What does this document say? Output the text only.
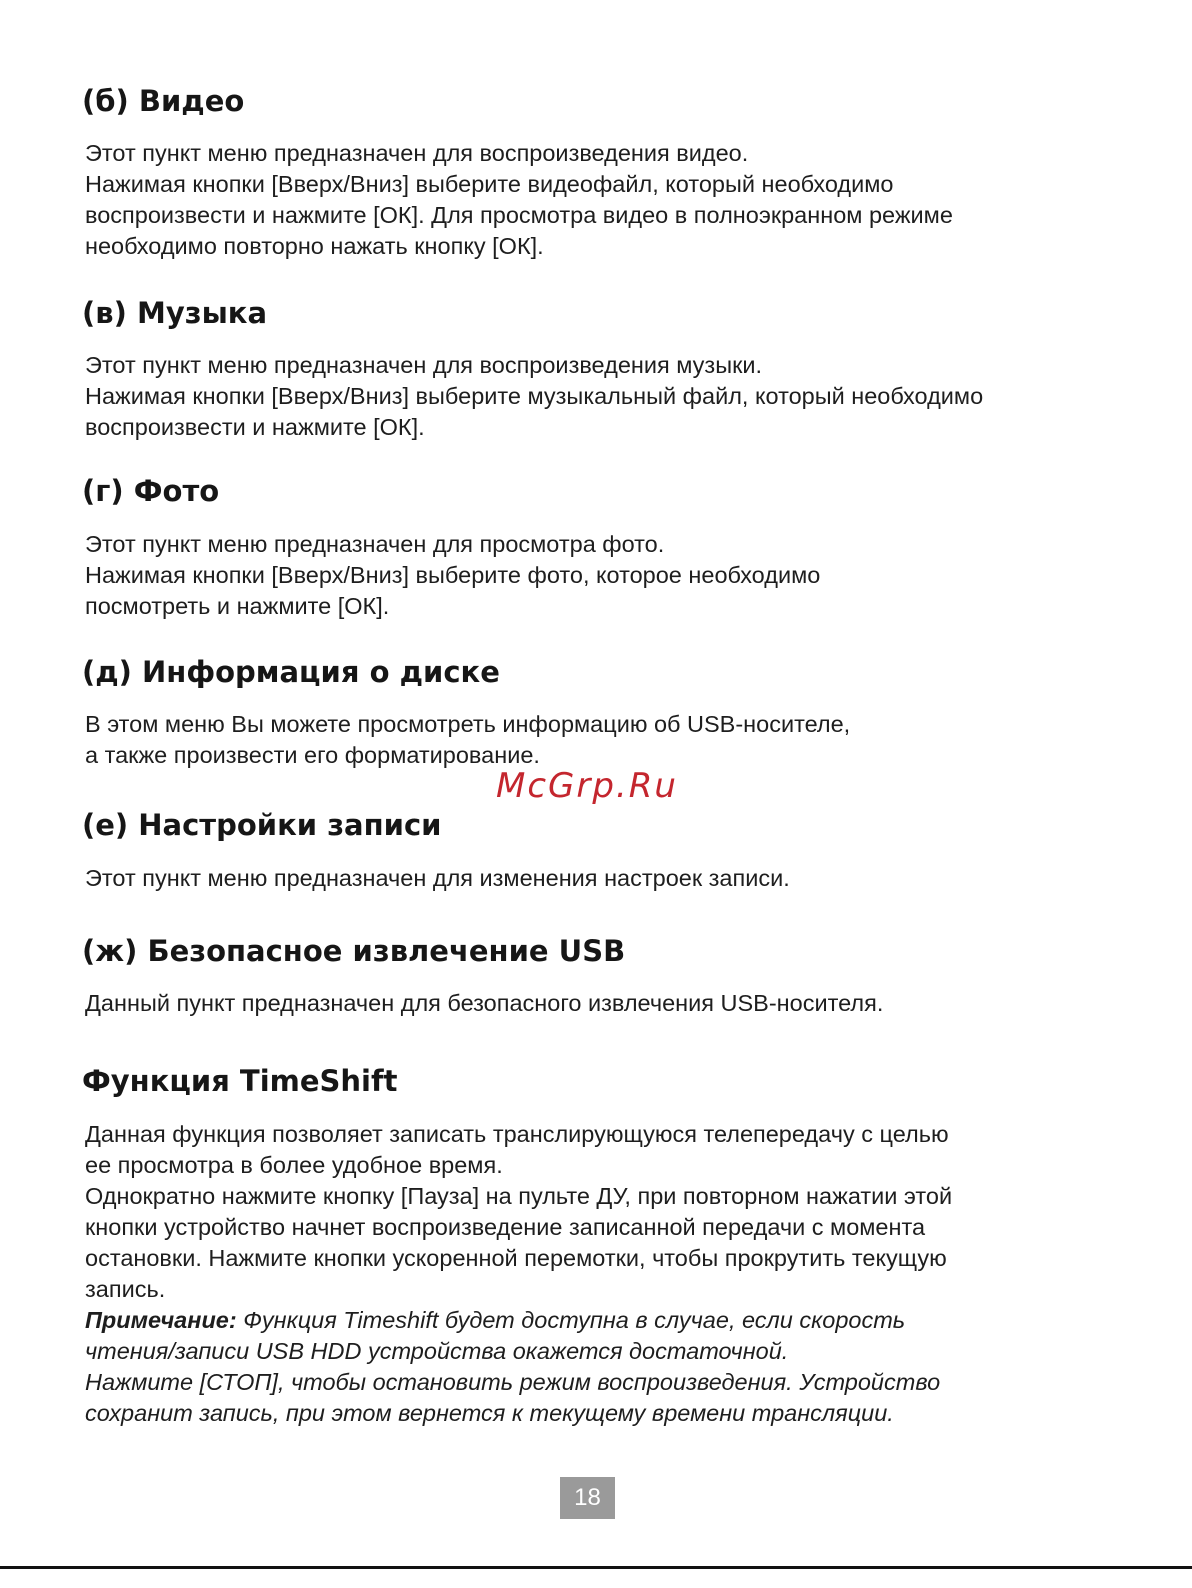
(б) Видео
Этот пункт меню предназначен для воспроизведения видео.
Нажимая кнопки [Вверх/Вниз] выберите видеофайл, который необходимо
воспроизвести и нажмите [ОК]. Для просмотра видео в полноэкранном режиме
необходимо повторно нажать кнопку [ОК].
(в) Музыка
Этот пункт меню предназначен для воспроизведения музыки.
Нажимая кнопки [Вверх/Вниз] выберите музыкальный файл, который необходимо
воспроизвести и нажмите [ОК].
(г) Фото
Этот пункт меню предназначен для просмотра фото.
Нажимая кнопки [Вверх/Вниз] выберите фото, которое необходимо
посмотреть и нажмите [ОК].
(д) Информация о диске
В этом меню Вы можете просмотреть информацию об USB-носителе,
а также произвести его форматирование.
McGrp.Ru
(е) Настройки записи
Этот пункт меню предназначен для изменения настроек записи.
(ж) Безопасное извлечение USB
Данный пункт предназначен для безопасного извлечения USB-носителя.
Функция TimeShift
Данная функция позволяет записать транслирующуюся телепередачу с целью
ее просмотра в более удобное время.
Однократно нажмите кнопку [Пауза] на пульте ДУ, при повторном нажатии этой
кнопки устройство начнет воспроизведение записанной передачи с момента
остановки. Нажмите кнопки ускоренной перемотки, чтобы прокрутить текущую
запись.
Примечание: Функция Timeshift будет доступна в случае, если скорость
чтения/записи USB HDD устройства окажется достаточной.
Нажмите [СТОП], чтобы остановить режим воспроизведения. Устройство
сохранит запись, при этом вернется к текущему времени трансляции.
18
